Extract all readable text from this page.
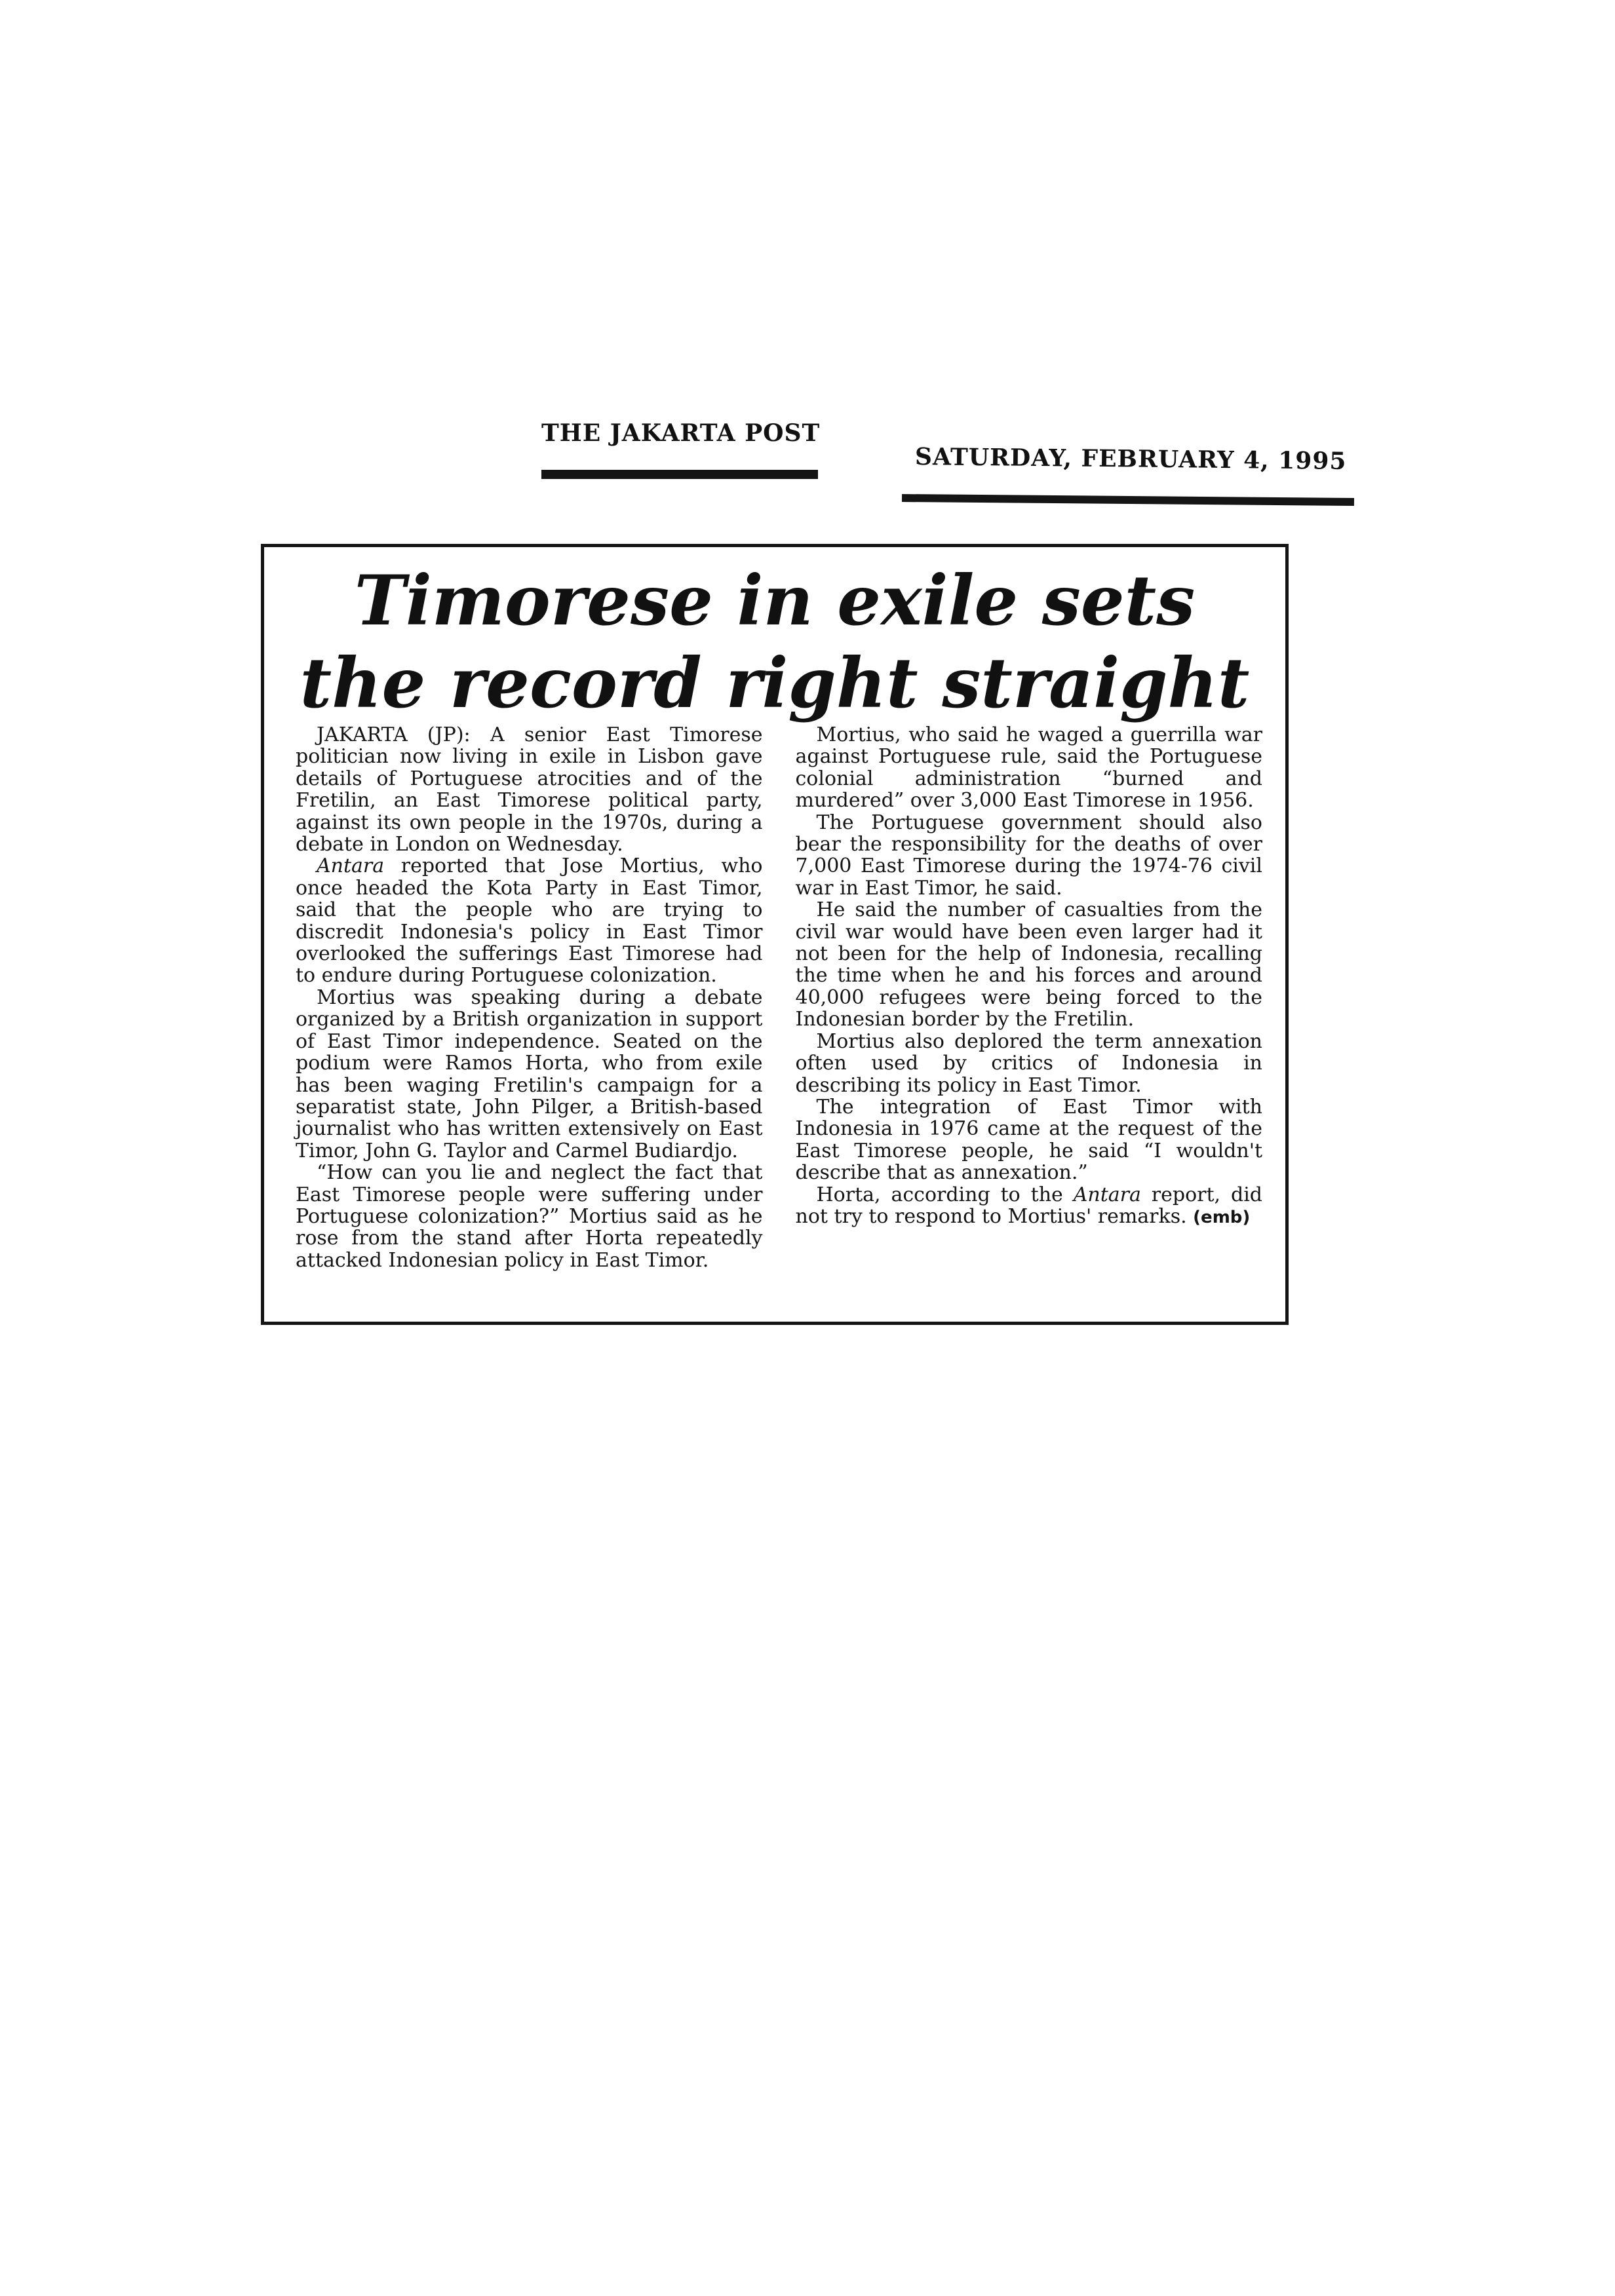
THE JAKARTA POST
SATURDAY, FEBRUARY 4, 1995
Timorese in exile sets
the record right straight

JAKARTA (JP): A senior East Timorese politician now living in exile in Lisbon gave details of Portuguese atrocities and of the Fretilin, an East Timorese political party, against its own people in the 1970s, during a debate in London on Wednesday.

Antara reported that Jose Mortius, who once headed the Kota Party in East Timor, said that the people who are trying to discredit Indonesia's policy in East Timor overlooked the sufferings East Timorese had to endure during Portuguese colonization.

Mortius was speaking during a debate organized by a British organization in support of East Timor independence. Seated on the podium were Ramos Horta, who from exile has been waging Fretilin's campaign for a separatist state, John Pilger, a British-based journalist who has written extensively on East Timor, John G. Taylor and Carmel Budiardjo.

“How can you lie and neglect the fact that East Timorese people were suffering under Portuguese colonization?” Mortius said as he rose from the stand after Horta repeatedly attacked Indonesian policy in East Timor.

Mortius, who said he waged a guerrilla war against Portuguese rule, said the Portuguese colonial administration “burned and murdered” over 3,000 East Timorese in 1956.

The Portuguese government should also bear the responsibility for the deaths of over 7,000 East Timorese during the 1974-76 civil war in East Timor, he said.

He said the number of casualties from the civil war would have been even larger had it not been for the help of Indonesia, recalling the time when he and his forces and around 40,000 refugees were being forced to the Indonesian border by the Fretilin.

Mortius also deplored the term annexation often used by critics of Indonesia in describing its policy in East Timor.

The integration of East Timor with Indonesia in 1976 came at the request of the East Timorese people, he said “I wouldn't describe that as annexation.”

Horta, according to the Antara report, did not try to respond to Mortius' remarks. (emb)
